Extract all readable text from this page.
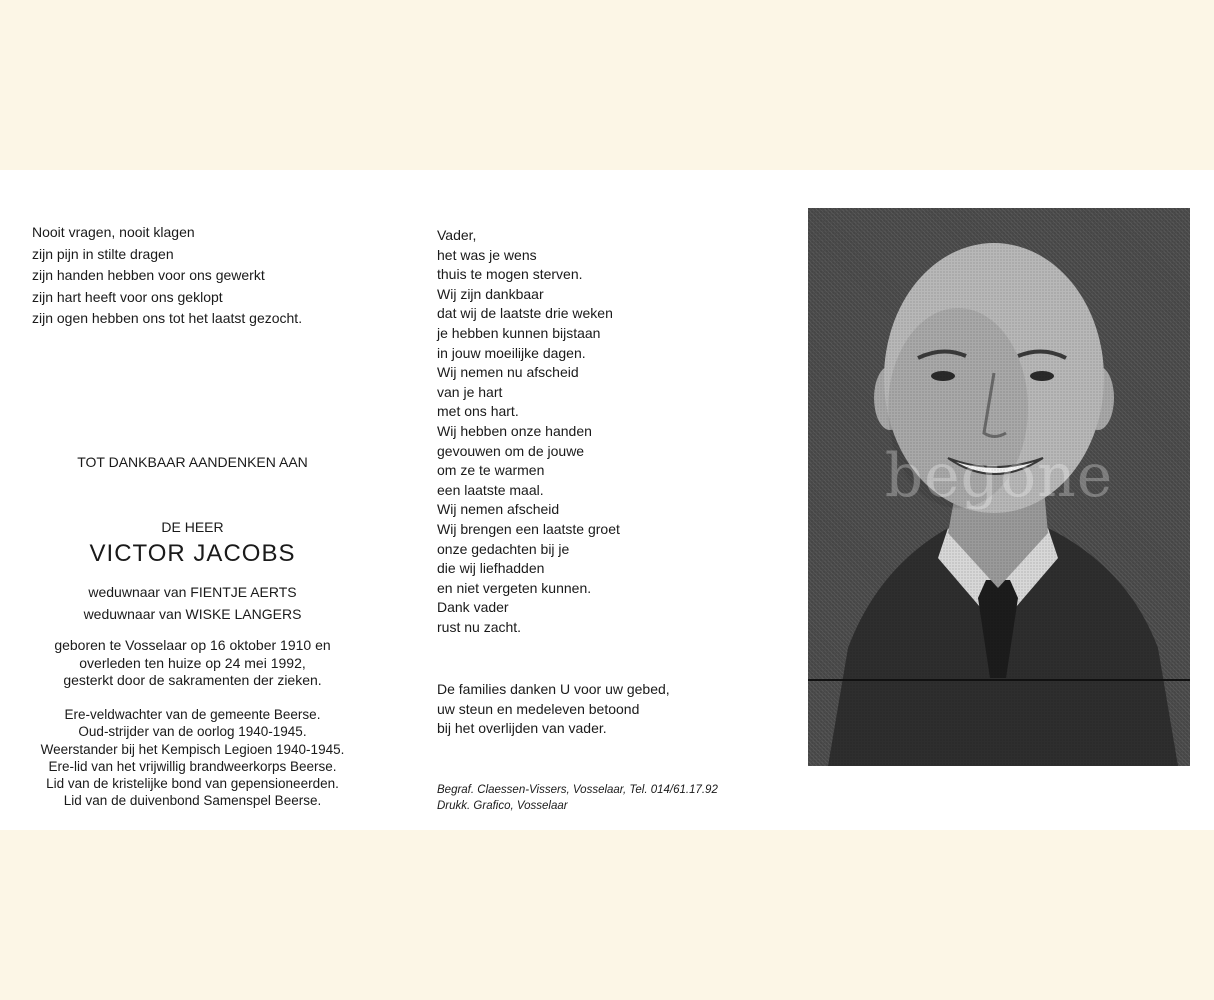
Nooit vragen, nooit klagen
zijn pijn in stilte dragen
zijn handen hebben voor ons gewerkt
zijn hart heeft voor ons geklopt
zijn ogen hebben ons tot het laatst gezocht.
TOT DANKBAAR AANDENKEN AAN
DE HEER
VICTOR JACOBS
weduwnaar van FIENTJE AERTS
weduwnaar van WISKE LANGERS
geboren te Vosselaar op 16 oktober 1910 en
overleden ten huize op 24 mei 1992,
gesterkt door de sakramenten der zieken.
Ere-veldwachter van de gemeente Beerse.
Oud-strijder van de oorlog 1940-1945.
Weerstander bij het Kempisch Legioen 1940-1945.
Ere-lid van het vrijwillig brandweerkorps Beerse.
Lid van de kristelijke bond van gepensioneerden.
Lid van de duivenbond Samenspel Beerse.
Vader,
het was je wens
thuis te mogen sterven.
Wij zijn dankbaar
dat wij de laatste drie weken
je hebben kunnen bijstaan
in jouw moeilijke dagen.
Wij nemen nu afscheid
van je hart
met ons hart.
Wij hebben onze handen
gevouwen om de jouwe
om ze te warmen
een laatste maal.
Wij nemen afscheid
Wij brengen een laatste groet
onze gedachten bij je
die wij liefhadden
en niet vergeten kunnen.
Dank vader
rust nu zacht.
De families danken U voor uw gebed,
uw steun en medeleven betoond
bij het overlijden van vader.
Begraf. Claessen-Vissers, Vosselaar, Tel. 014/61.17.92
Drukk. Grafico, Vosselaar
begone
